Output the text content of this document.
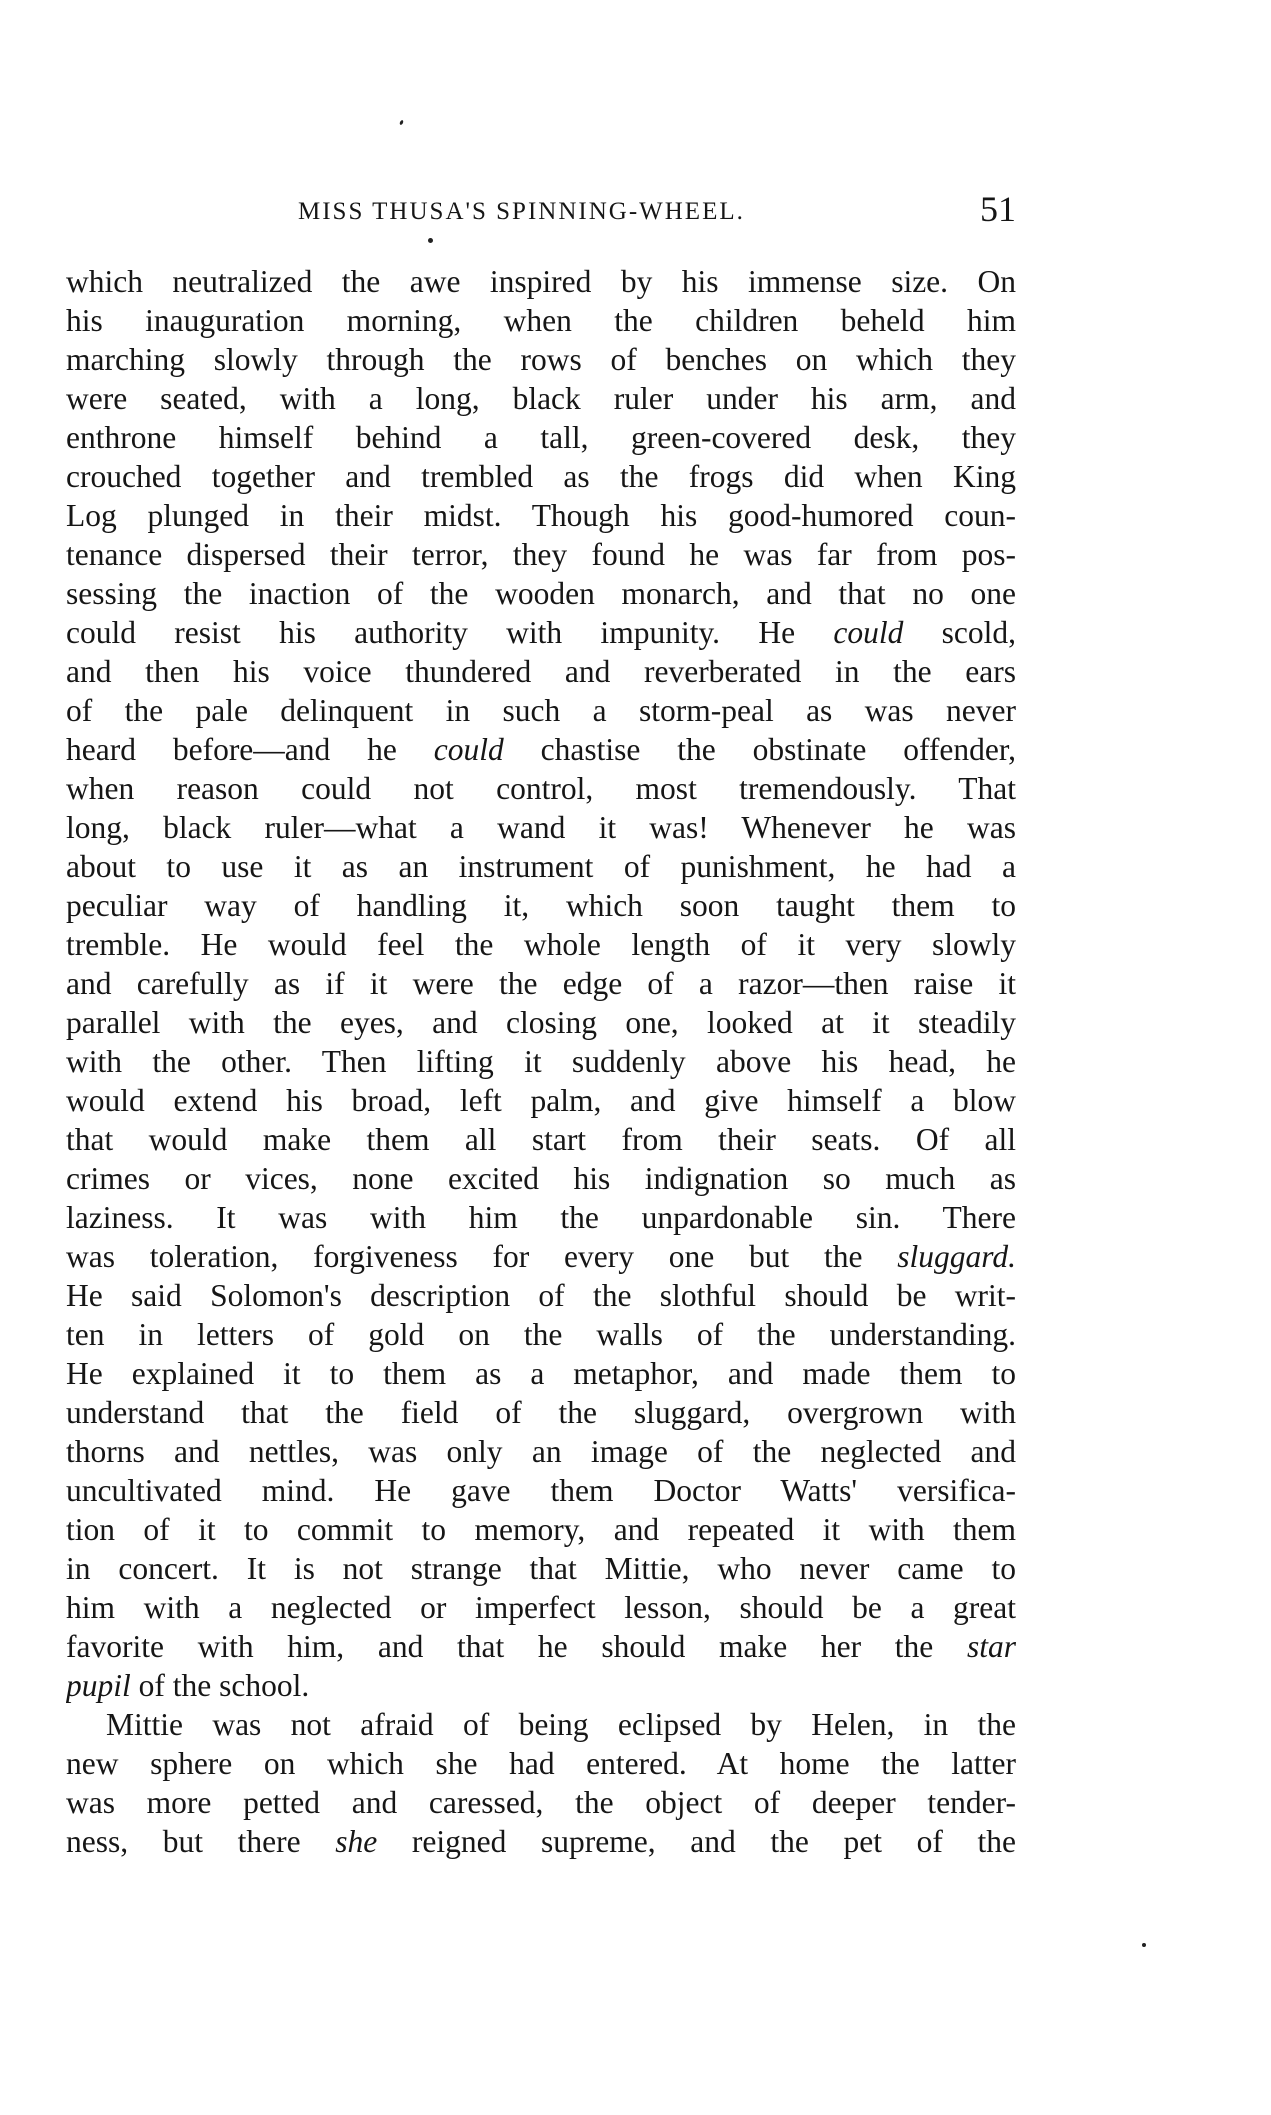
MISS THUSA'S SPINNING-WHEEL.	51
which neutralized the awe inspired by his immense size. On
his inauguration morning, when the children beheld him
marching slowly through the rows of benches on which they
were seated, with a long, black ruler under his arm, and
enthrone himself behind a tall, green-covered desk, they
crouched together and trembled as the frogs did when King
Log plunged in their midst. Though his good-humored coun-
tenance dispersed their terror, they found he was far from pos-
sessing the inaction of the wooden monarch, and that no one
could resist his authority with impunity. He could scold,
and then his voice thundered and reverberated in the ears
of the pale delinquent in such a storm-peal as was never
heard before—and he could chastise the obstinate offender,
when reason could not control, most tremendously. That
long, black ruler—what a wand it was! Whenever he was
about to use it as an instrument of punishment, he had a
peculiar way of handling it, which soon taught them to
tremble. He would feel the whole length of it very slowly
and carefully as if it were the edge of a razor—then raise it
parallel with the eyes, and closing one, looked at it steadily
with the other. Then lifting it suddenly above his head, he
would extend his broad, left palm, and give himself a blow
that would make them all start from their seats. Of all
crimes or vices, none excited his indignation so much as
laziness. It was with him the unpardonable sin. There
was toleration, forgiveness for every one but the sluggard.
He said Solomon's description of the slothful should be writ-
ten in letters of gold on the walls of the understanding.
He explained it to them as a metaphor, and made them to
understand that the field of the sluggard, overgrown with
thorns and nettles, was only an image of the neglected and
uncultivated mind. He gave them Doctor Watts' versifica-
tion of it to commit to memory, and repeated it with them
in concert. It is not strange that Mittie, who never came to
him with a neglected or imperfect lesson, should be a great
favorite with him, and that he should make her the star
pupil of the school.
Mittie was not afraid of being eclipsed by Helen, in the
new sphere on which she had entered. At home the latter
was more petted and caressed, the object of deeper tender-
ness, but there she reigned supreme, and the pet of the
